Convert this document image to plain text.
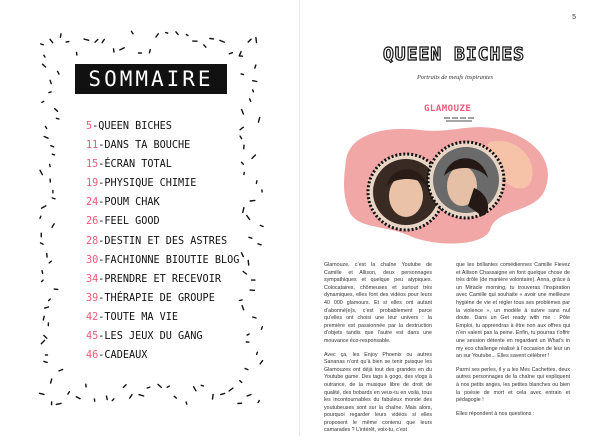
SOMMAIRE
5-QUEEN BICHES
11-DANS TA BOUCHE
15-ÉCRAN TOTAL
19-PHYSIQUE CHIMIE
24-POUM CHAK
26-FEEL GOOD
28-DESTIN ET DES ASTRES
30-FACHIONNE BIOUTIE BLOG
34-PRENDRE ET RECEVOIR
39-THÉRAPIE DE GROUPE
42-TOUTE MA VIE
45-LES JEUX DU GANG
46-CADEAUX
5
QUEEN BICHES
Portraits de meufs inspirantes
GLAMOUZE

Glamouze, c’est la chaîne Youtube de Camille et Allison, deux personnages sympathiques et quelque peu atypiques. Colocataires, chômeuses et surtout très dynamiques, elles font des vidéos pour leurs 40 000 glamours. Et si elles ont autant d’abonné(e)s, c’est probablement parce qu’elles ont choisi une leur univers : la première est passionnée par la destruction d’objets tandis que l’autre est dans une mouvance éco-responsable.

Avec ça, les Enjoy Phoenix ou autres Sananas n’ont qu’à bien se tenir puisque les Glamouzes ont déjà tout des grandes en du Youtube game. Des tags à gogo, des vlogs à outrance, de la musique libre de droit de qualité, des bobards en veux-tu en voilà, tous les incontournables du fabuleux monde des youtubeuses sont sur la chaîne. Mais alors, pourquoi regarder leurs vidéos si elles proposent le même contenu que leurs camarades ? L’intérêt, voix-tu, c’est

que les brillantes comédiennes Camille Fievez et Allison Chassaigne en font quelque chose de très drôle (de manière volontaire). Anna, grâce à un Miracle morning, tu trouveras l’inspiration avec Camille qui souhaite « avoir une meilleure hygiène de vie et régler tous ses problèmes par la violence », un modèle à suivre sans nul doute. Dans un Get ready with me : Pôle Emploi, tu apprendras à être non aux offres qui n’en valent pas la peine. Enfin, tu pourras t’offrir une session détente en regardant un What’s in my eco challenge réalisé à l’occasion de leur un an sur Youtube... Elles savent célébrer !

Parmi ses perles, il y a les Mes Cachettes, deux autres personnages de la chaîne qui expliquent à nos petits anges, les petites blanches ou bien la poésie de mort et cela avec entrain et pédagogie !

Elles répondent à nos questions :
